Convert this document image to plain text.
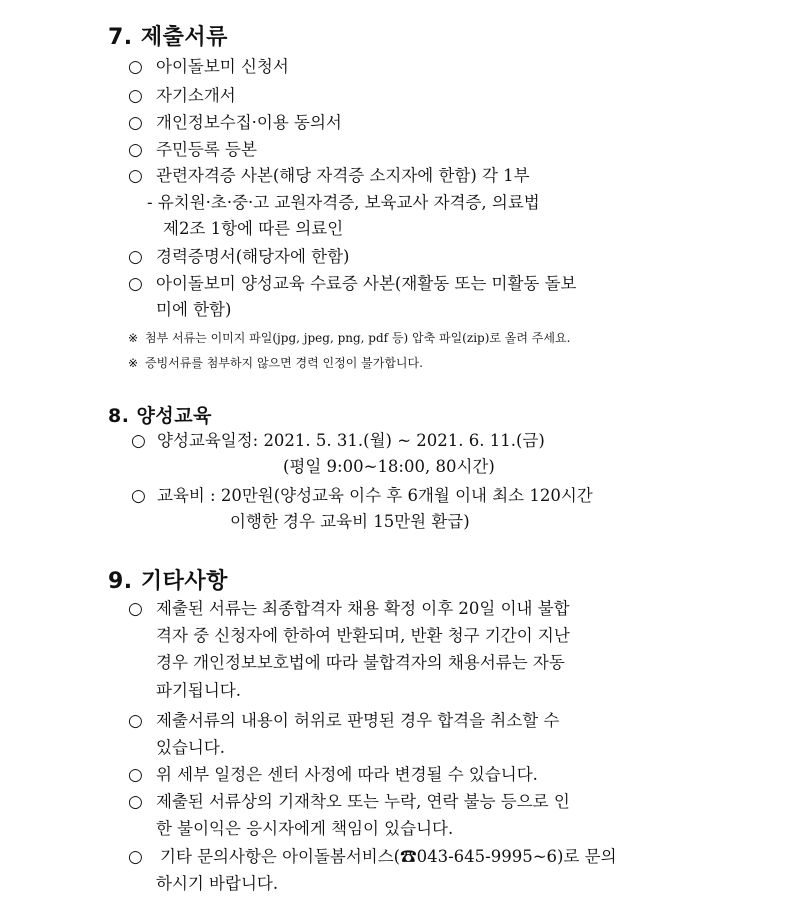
7. 제출서류
○ 아이돌보미 신청서
○ 자기소개서
○ 개인정보수집·이용 동의서
○ 주민등록 등본
○ 관련자격증 사본(해당 자격증 소지자에 한함) 각 1부
- 유치원·초·중·고 교원자격증, 보육교사 자격증, 의료법
제2조 1항에 따른 의료인
○ 경력증명서(해당자에 한함)
○ 아이돌보미 양성교육 수료증 사본(재활동 또는 미활동 돌보
미에 한함)
※ 첨부 서류는 이미지 파일(jpg, jpeg, png, pdf 등) 압축 파일(zip)로 올려 주세요.
※ 증빙서류를 첨부하지 않으면 경력 인정이 불가합니다.
8. 양성교육
○ 양성교육일정: 2021. 5. 31.(월) ~ 2021. 6. 11.(금)
(평일 9:00~18:00, 80시간)
○ 교육비 : 20만원(양성교육 이수 후 6개월 이내 최소 120시간
이행한 경우 교육비 15만원 환급)
9. 기타사항
○ 제출된 서류는 최종합격자 채용 확정 이후 20일 이내 불합
격자 중 신청자에 한하여 반환되며, 반환 청구 기간이 지난
경우 개인정보보호법에 따라 불합격자의 채용서류는 자동
파기됩니다.
○ 제출서류의 내용이 허위로 판명된 경우 합격을 취소할 수
있습니다.
○ 위 세부 일정은 센터 사정에 따라 변경될 수 있습니다.
○ 제출된 서류상의 기재착오 또는 누락, 연락 불능 등으로 인
한 불이익은 응시자에게 책임이 있습니다.
○ 기타 문의사항은 아이돌봄서비스(☎043-645-9995~6)로 문의
하시기 바랍니다.
